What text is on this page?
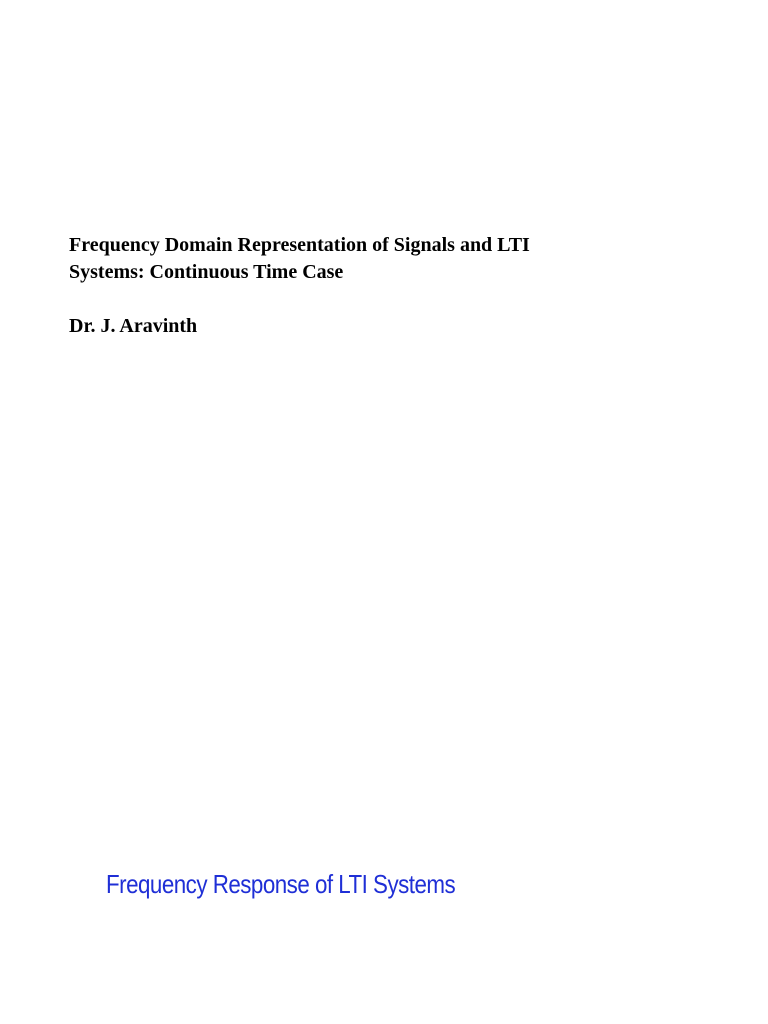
Frequency Domain Representation of Signals and LTI
Systems: Continuous Time Case

Dr. J. Aravinth

Frequency Response of LTI Systems
